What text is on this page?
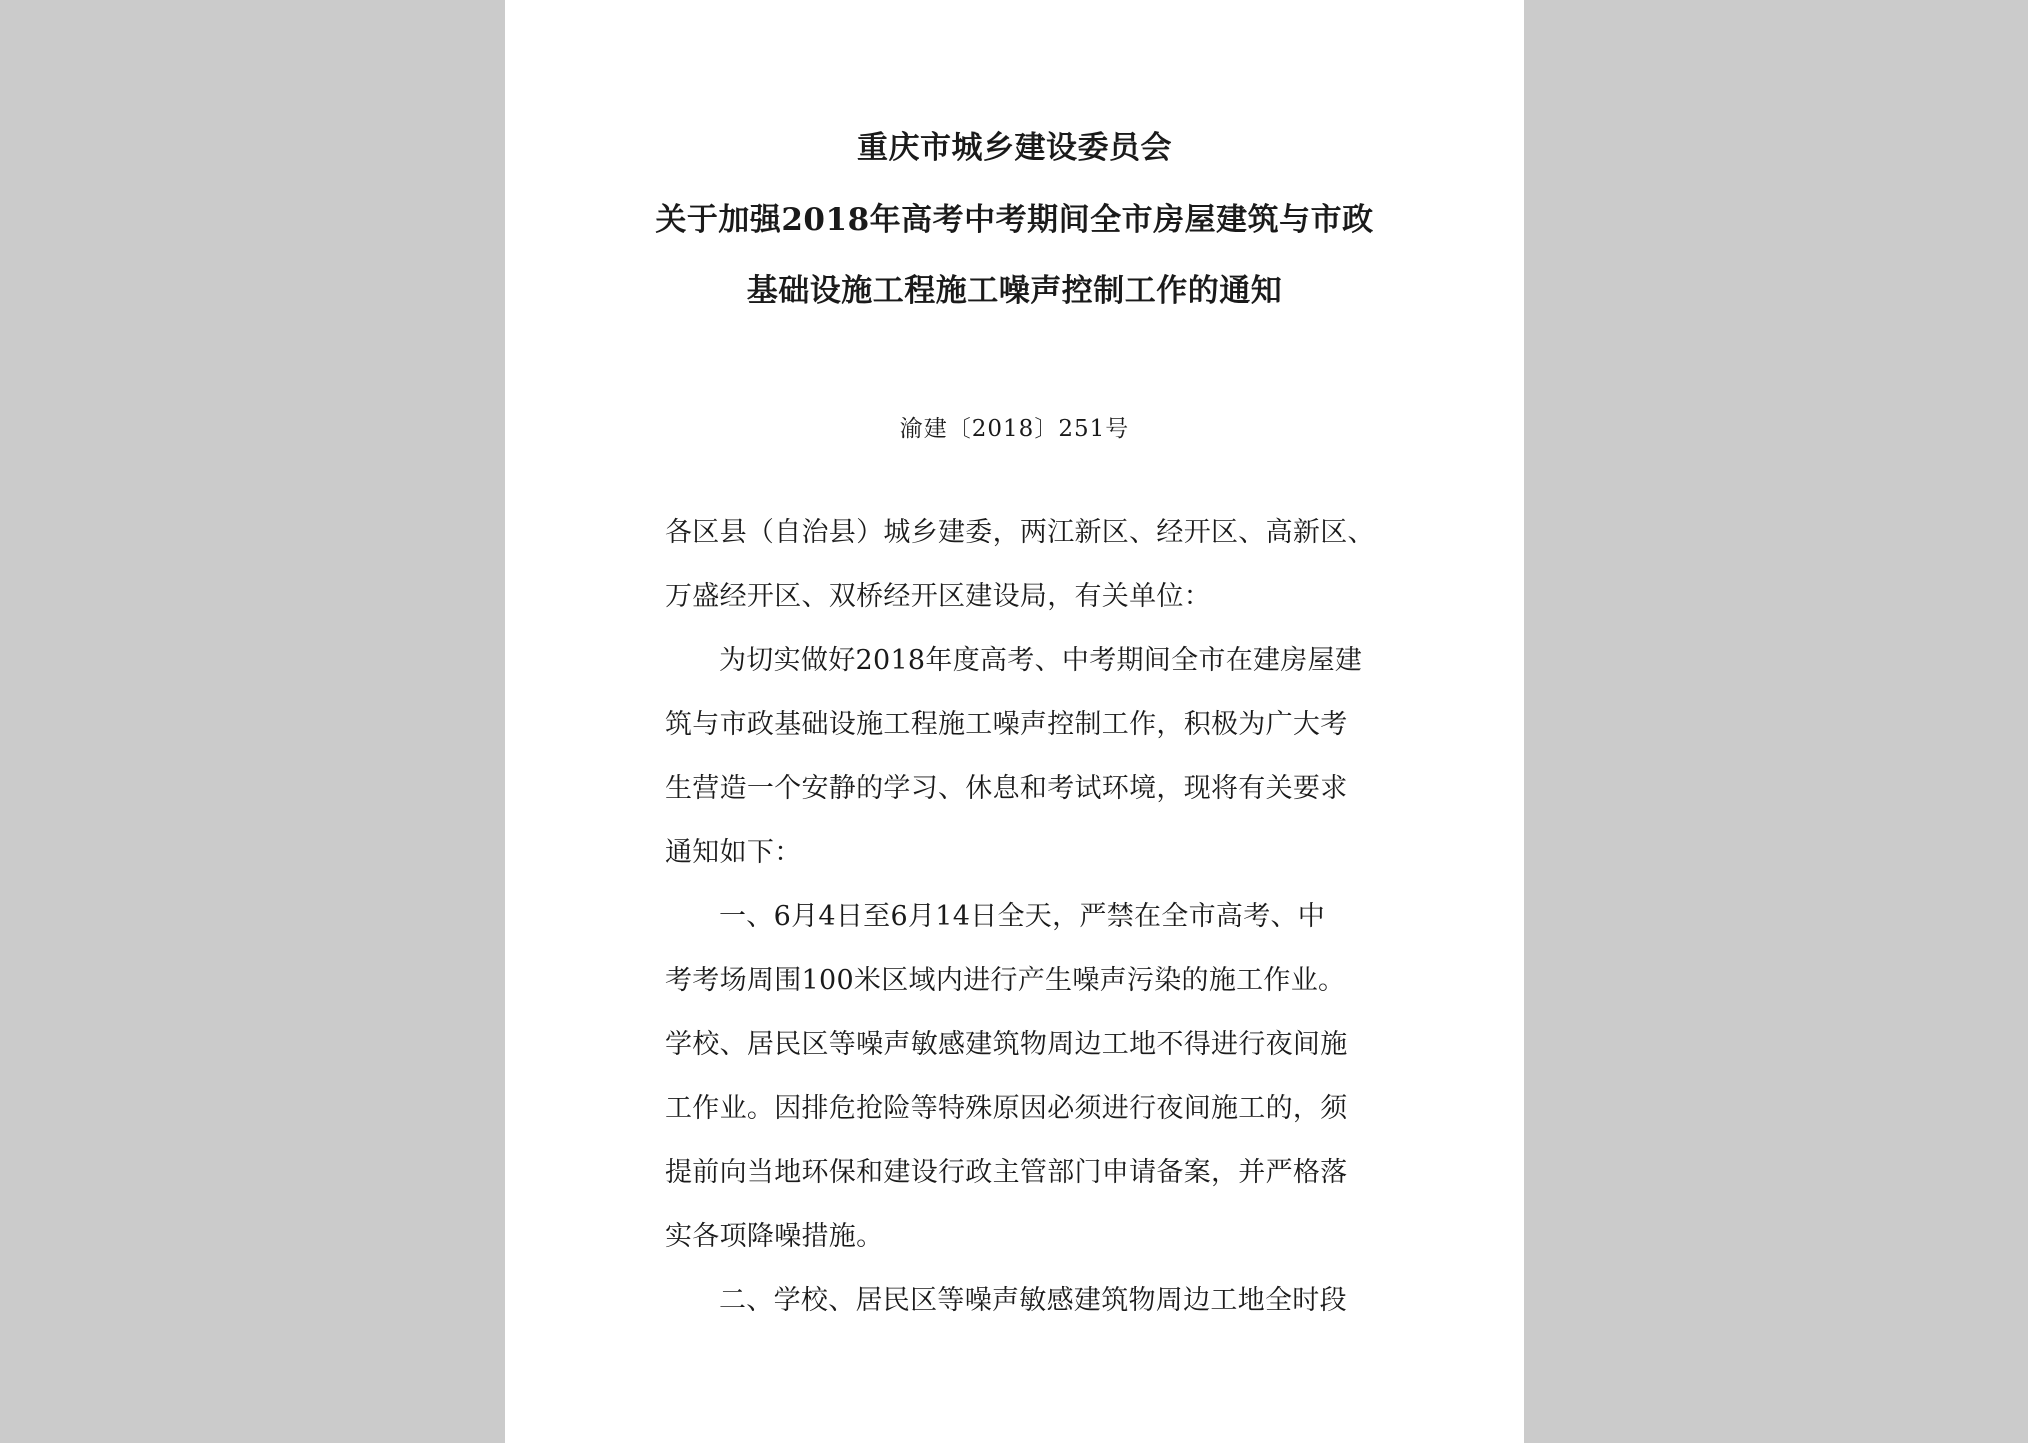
重庆市城乡建设委员会
关于加强2018年高考中考期间全市房屋建筑与市政
基础设施工程施工噪声控制工作的通知
渝建〔2018〕251号
各区县（自治县）城乡建委，两江新区、经开区、高新区、
万盛经开区、双桥经开区建设局，有关单位：
为切实做好2018年度高考、中考期间全市在建房屋建
筑与市政基础设施工程施工噪声控制工作，积极为广大考
生营造一个安静的学习、休息和考试环境，现将有关要求
通知如下：
一、6月4日至6月14日全天，严禁在全市高考、中
考考场周围100米区域内进行产生噪声污染的施工作业。
学校、居民区等噪声敏感建筑物周边工地不得进行夜间施
工作业。因排危抢险等特殊原因必须进行夜间施工的，须
提前向当地环保和建设行政主管部门申请备案，并严格落
实各项降噪措施。
二、学校、居民区等噪声敏感建筑物周边工地全时段
